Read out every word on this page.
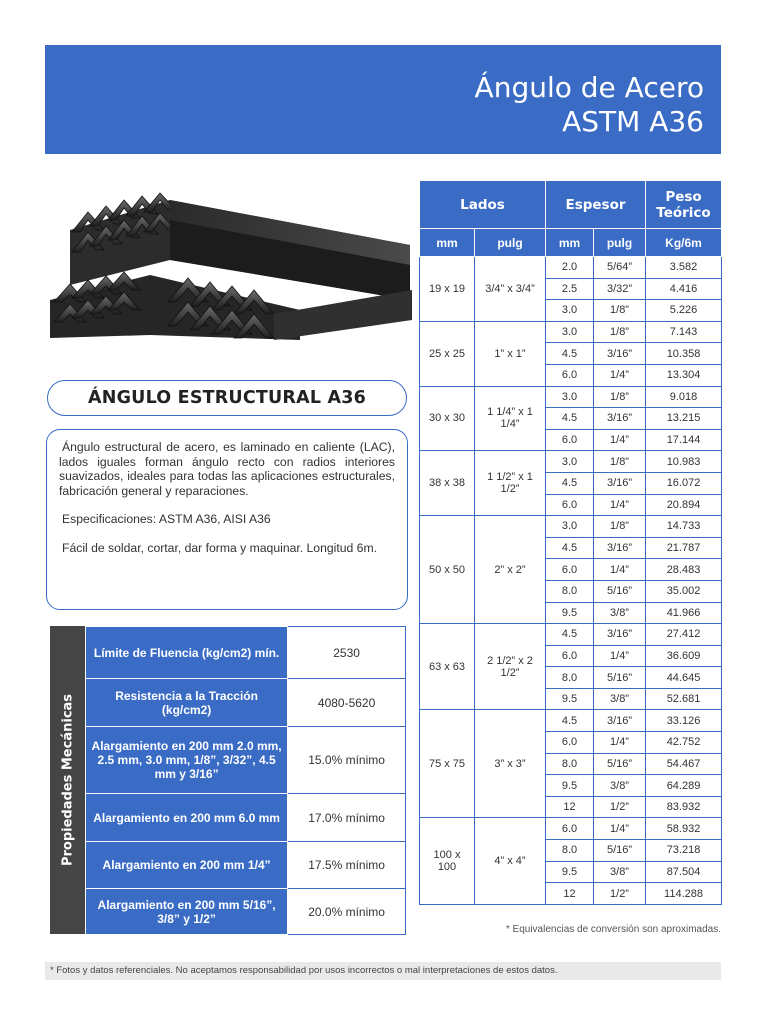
Ángulo de Acero
ASTM A36
ÁNGULO ESTRUCTURAL A36

Ángulo estructural de acero, es laminado en caliente (LAC), lados iguales forman ángulo recto con radios interiores suavizados, ideales para todas las aplicaciones estructurales, fabricación general y reparaciones.

Especificaciones: ASTM A36, AISI A36

Fácil de soldar, cortar, dar forma y maquinar. Longitud 6m.

Propiedades Mecánicas
Límite de Fluencia (kg/cm2) mín.	2530
Resistencia a la Tracción (kg/cm2)	4080-5620
Alargamiento en 200 mm 2.0 mm, 2.5 mm, 3.0 mm, 1/8”, 3/32”, 4.5 mm y 3/16”	15.0% mínimo
Alargamiento en 200 mm 6.0 mm	17.0% mínimo
Alargamiento en 200 mm 1/4”	17.5% mínimo
Alargamiento en 200 mm 5/16”, 3/8” y 1/2”	20.0% mínimo
Lados		Espesor		Peso Teórico
mm	pulg	mm	pulg	Kg/6m
19 x 19	3/4” x 3/4”	2.0	5/64”	3.582
		2.5	3/32”	4.416
		3.0	1/8”	5.226
25 x 25	1” x 1”	3.0	1/8”	7.143
		4.5	3/16”	10.358
		6.0	1/4”	13.304
30 x 30	1 1/4” x 1 1/4”	3.0	1/8”	9.018
		4.5	3/16”	13.215
		6.0	1/4”	17.144
38 x 38	1 1/2” x 1 1/2”	3.0	1/8”	10.983
		4.5	3/16”	16.072
		6.0	1/4”	20.894
50 x 50	2” x 2”	3.0	1/8”	14.733
		4.5	3/16”	21.787
		6.0	1/4”	28.483
		8.0	5/16”	35.002
		9.5	3/8”	41.966
63 x 63	2 1/2” x 2 1/2”	4.5	3/16”	27.412
		6.0	1/4”	36.609
		8.0	5/16”	44.645
		9.5	3/8”	52.681
75 x 75	3” x 3”	4.5	3/16”	33.126
		6.0	1/4”	42.752
		8.0	5/16”	54.467
		9.5	3/8”	64.289
		12	1/2”	83.932
100 x 100	4” x 4”	6.0	1/4”	58.932
		8.0	5/16”	73.218
		9.5	3/8”	87.504
		12	1/2”	114.288
* Equivalencias de conversión son aproximadas.
* Fotos y datos referenciales. No aceptamos responsabilidad por usos incorrectos o mal interpretaciones de estos datos.
